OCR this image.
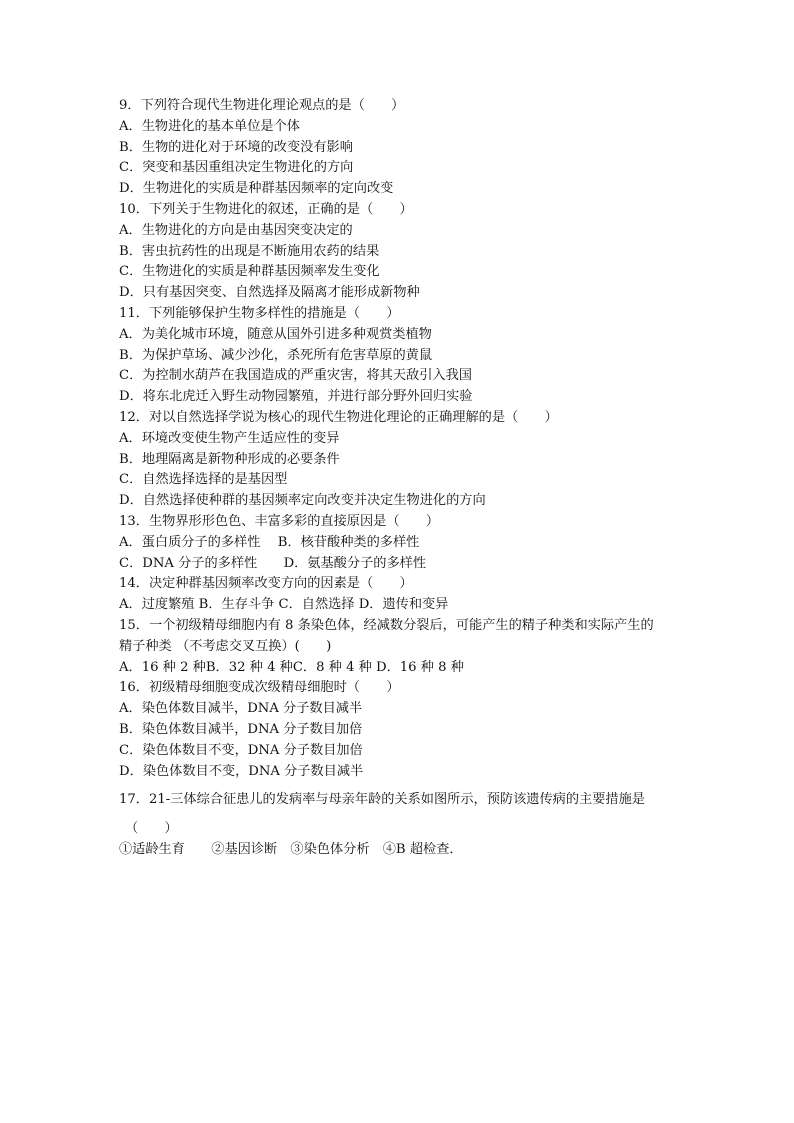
9．下列符合现代生物进化理论观点的是（　　）
A．生物进化的基本单位是个体
B．生物的进化对于环境的改变没有影响
C．突变和基因重组决定生物进化的方向
D．生物进化的实质是种群基因频率的定向改变
10．下列关于生物进化的叙述，正确的是（　　）
A．生物进化的方向是由基因突变决定的
B．害虫抗药性的出现是不断施用农药的结果
C．生物进化的实质是种群基因频率发生变化
D．只有基因突变、自然选择及隔离才能形成新物种
11．下列能够保护生物多样性的措施是（　　）
A．为美化城市环境，随意从国外引进多种观赏类植物
B．为保护草场、减少沙化，杀死所有危害草原的黄鼠
C．为控制水葫芦在我国造成的严重灾害，将其天敌引入我国
D．将东北虎迁入野生动物园繁殖，并进行部分野外回归实验
12．对以自然选择学说为核心的现代生物进化理论的正确理解的是（　　）
A．环境改变使生物产生适应性的变异
B．地理隔离是新物种形成的必要条件
C．自然选择选择的是基因型
D．自然选择使种群的基因频率定向改变并决定生物进化的方向
13．生物界形形色色、丰富多彩的直接原因是（　　）
A．蛋白质分子的多样性　 B．核苷酸种类的多样性
C．DNA 分子的多样性　　D．氨基酸分子的多样性
14．决定种群基因频率改变方向的因素是（　　）
A．过度繁殖 B．生存斗争 C．自然选择 D．遗传和变异
15．一个初级精母细胞内有 8 条染色体，经减数分裂后，可能产生的精子种类和实际产生的
精子种类 （不考虑交叉互换）(　　)
A．16 种 2 种B．32 种 4 种C．8 种 4 种 D．16 种 8 种
16．初级精母细胞变成次级精母细胞时（　　）
A．染色体数目减半，DNA 分子数目减半
B．染色体数目减半，DNA 分子数目加倍
C．染色体数目不变，DNA 分子数目加倍
D．染色体数目不变，DNA 分子数目减半
17．21-三体综合征患儿的发病率与母亲年龄的关系如图所示，预防该遗传病的主要措施是
（　　）
①适龄生育　　②基因诊断　③染色体分析　④B 超检查．
